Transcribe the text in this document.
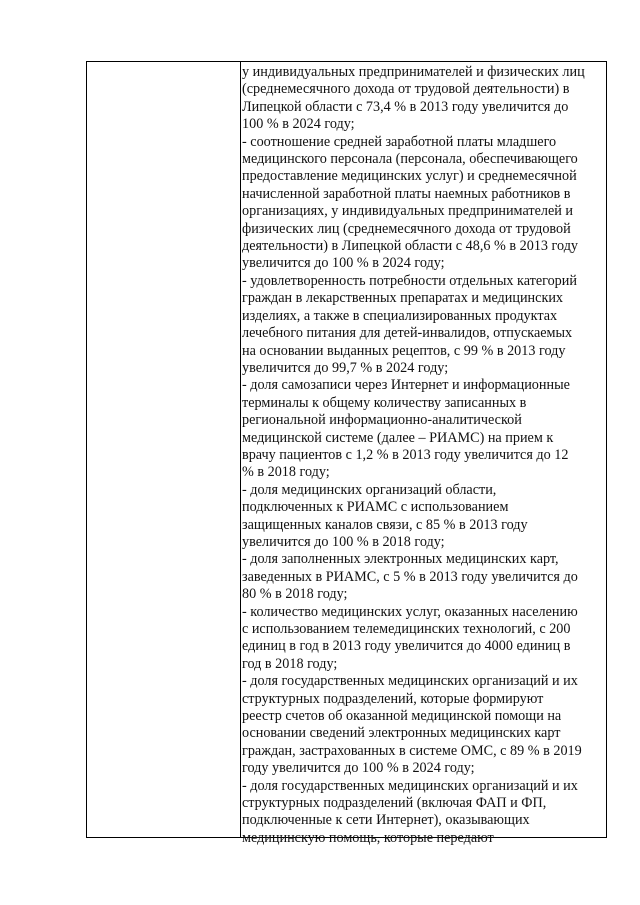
у индивидуальных предпринимателей и физических лиц
(среднемесячного дохода от трудовой деятельности) в
Липецкой области с 73,4 % в 2013 году увеличится до
100 % в 2024 году;
- соотношение средней заработной платы младшего
медицинского персонала (персонала, обеспечивающего
предоставление медицинских услуг) и среднемесячной
начисленной заработной платы наемных работников в
организациях, у индивидуальных предпринимателей и
физических лиц (среднемесячного дохода от трудовой
деятельности) в Липецкой области с 48,6 % в 2013 году
увеличится до 100 % в 2024 году;
- удовлетворенность потребности отдельных категорий
граждан в лекарственных препаратах и медицинских
изделиях, а также в специализированных продуктах
лечебного питания для детей-инвалидов, отпускаемых
на основании выданных рецептов, с 99 % в 2013 году
увеличится до 99,7 % в 2024 году;
- доля самозаписи через Интернет и информационные
терминалы к общему количеству записанных в
региональной информационно-аналитической
медицинской системе (далее – РИАМС) на прием к
врачу пациентов с 1,2 % в 2013 году увеличится до 12
% в 2018 году;
- доля медицинских организаций области,
подключенных к РИАМС с использованием
защищенных каналов связи, с 85 % в 2013 году
увеличится до 100 % в 2018 году;
- доля заполненных электронных медицинских карт,
заведенных в РИАМС, с 5 % в 2013 году увеличится до
80 % в 2018 году;
- количество медицинских услуг, оказанных населению
с использованием телемедицинских технологий, с 200
единиц в год в 2013 году увеличится до 4000 единиц в
год в 2018 году;
- доля государственных медицинских организаций и их
структурных подразделений, которые формируют
реестр счетов об оказанной медицинской помощи на
основании сведений электронных медицинских карт
граждан, застрахованных в системе ОМС, с 89 % в 2019
году увеличится до 100 % в 2024 году;
- доля государственных медицинских организаций и их
структурных подразделений (включая ФАП и ФП,
подключенные к сети Интернет), оказывающих
медицинскую помощь, которые передают
